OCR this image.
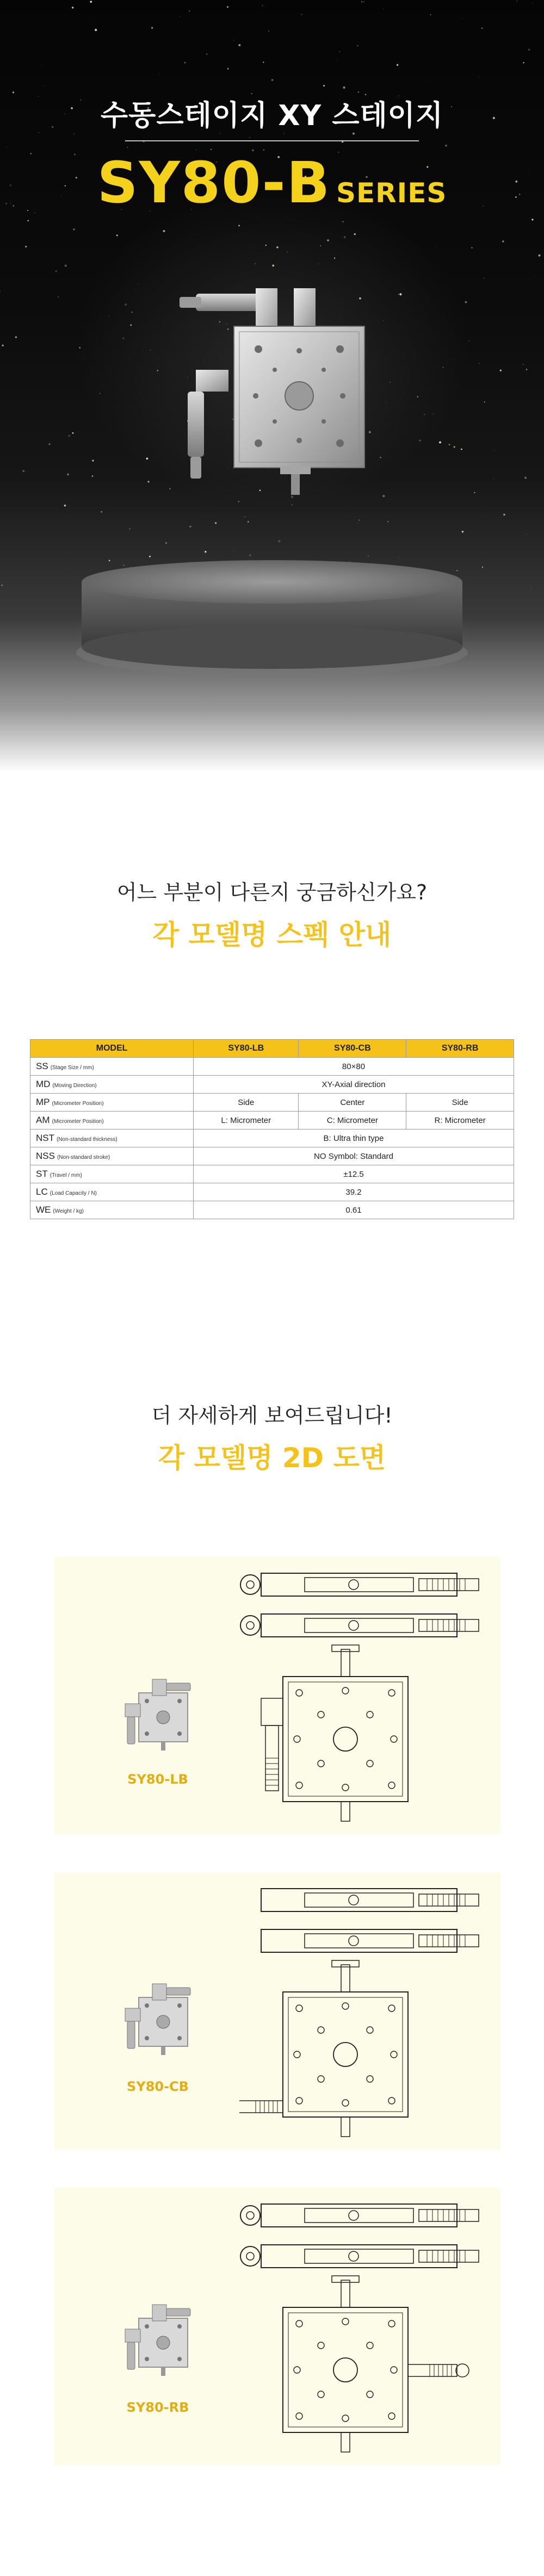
수동스테이지 XY 스테이지
SY80-B SERIES
어느 부분이 다른지 궁금하신가요?
각 모델명 스펙 안내
MODEL	SY80-LB	SY80-CB	SY80-RB
SS (Stage Size / mm)	80×80		
MD (Moving Direction)	XY-Axial direction		
MP (Micrometer Position)	Side	Center	Side
AM (Micrometer Position)	L: Micrometer	C: Micrometer	R: Micrometer
NST (Non-standard thickness)	B: Ultra thin type		
NSS (Non-standard stroke)	NO Symbol: Standard		
ST (Travel / mm)	±12.5		
LC (Load Capacity / N)	39.2		
WE (Weight / kg)	0.61		
더 자세하게 보여드립니다!
각 모델명 2D 도면
SY80-LB
SY80-CB
SY80-RB
